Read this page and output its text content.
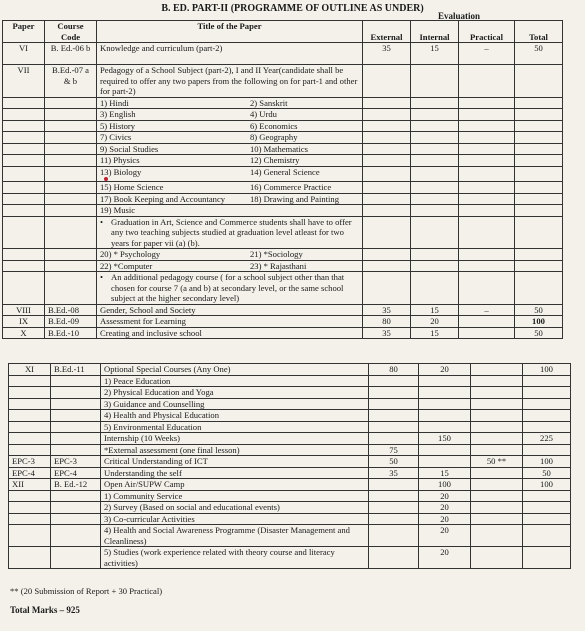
B. ED. PART-II (PROGRAMME OF OUTLINE AS UNDER)
Evaluation
Paper	Course Code	Title of the Paper	External	Internal	Practical	Total
VI	B. Ed.-06 b	Knowledge and curriculum (part-2)	35	15	–	50
VII	B.Ed.-07 a & b	Pedagogy of a School Subject (part-2), I and II Year(candidate shall be required to offer any two papers from the following on for part-1 and other for part-2)				

		1) Hindi 2) Sanskrit				

		3) English 4) Urdu				

		5) History 6) Economics				

		7) Civics 8) Geography				

		9) Social Studies 10) Mathematics				

		11) Physics 12) Chemistry				

		13) Biology 14) General Science				

		15) Home Science 16) Commerce Practice				

		17) Book Keeping and Accountancy 18) Drawing and Painting				

		19) Music				
		• Graduation in Art, Science and Commerce students shall have to offer any two teaching subjects studied at graduation level atleast for two years for paper vii (a) (b).				

		20) * Psychology 21) *Sociology				

		22) *Computer 23) * Rajasthani				

		• An additional pedagogy course ( for a school subject other than that chosen for course 7 (a and b) at secondary level, or the same school subject at the higher secondary level)				
VIII	B.Ed.-08	Gender, School and Society	35	15	–	50
IX	B.Ed.-09	Assessment for Learning	80	20		100
X	B.Ed.-10	Creating and inclusive school	35	15		50
XI	B.Ed.-11	Optional Special Courses (Any One)	80	20		100
		1) Peace Education				
		2) Physical Education and Yoga				
		3) Guidance and Counselling				
		4) Health and Physical Education				
		5) Environmental Education				
		Internship (10 Weeks)		150		225
		*External assessment (one final lesson)	75			
EPC-3	EPC-3	Critical Understanding of ICT	50		50 **	100
EPC-4	EPC-4	Understanding the self	35	15		50
XII	B. Ed.-12	Open Air/SUPW Camp		100		100
		1) Community Service		20		
		2) Survey (Based on social and educational events)		20		
		3) Co-curricular Activities		20		
		4) Health and Social Awareness Programme (Disaster Management and Cleanliness)		20		
		5) Studies (work experience related with theory course and literacy activities)		20		
** (20 Submission of Report + 30 Practical)
Total Marks – 925
